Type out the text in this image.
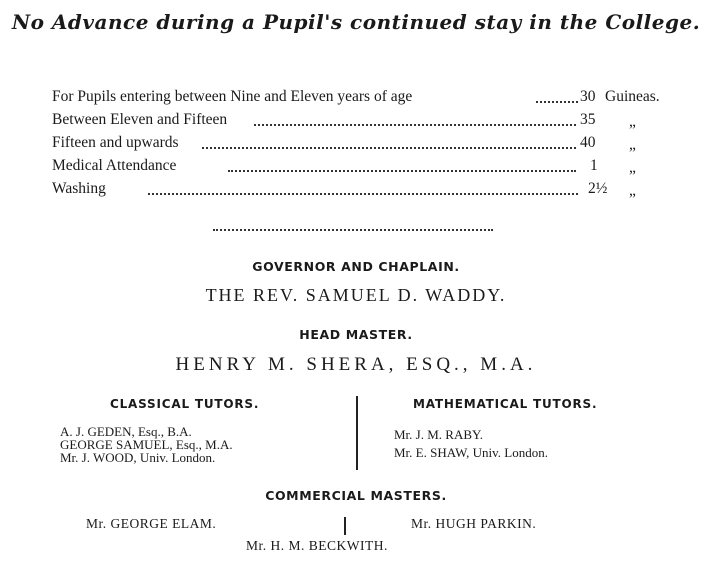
No Advance during a Pupil's continued stay in the College.
For Pupils entering between Nine and Eleven years of age	30 Guineas.
Between Eleven and Fifteen	35 „
Fifteen and upwards	40 „
Medical Attendance	1 „
Washing	2½ „
GOVERNOR AND CHAPLAIN.
THE REV. SAMUEL D. WADDY.
HEAD MASTER.
HENRY M. SHERA, ESQ., M.A.
CLASSICAL TUTORS.
A. J. GEDEN, Esq., B.A.
GEORGE SAMUEL, Esq., M.A.
Mr. J. WOOD, Univ. London.
MATHEMATICAL TUTORS.
Mr. J. M. RABY.
Mr. E. SHAW, Univ. London.
COMMERCIAL MASTERS.
Mr. GEORGE ELAM.	Mr. HUGH PARKIN.
Mr. H. M. BECKWITH.
